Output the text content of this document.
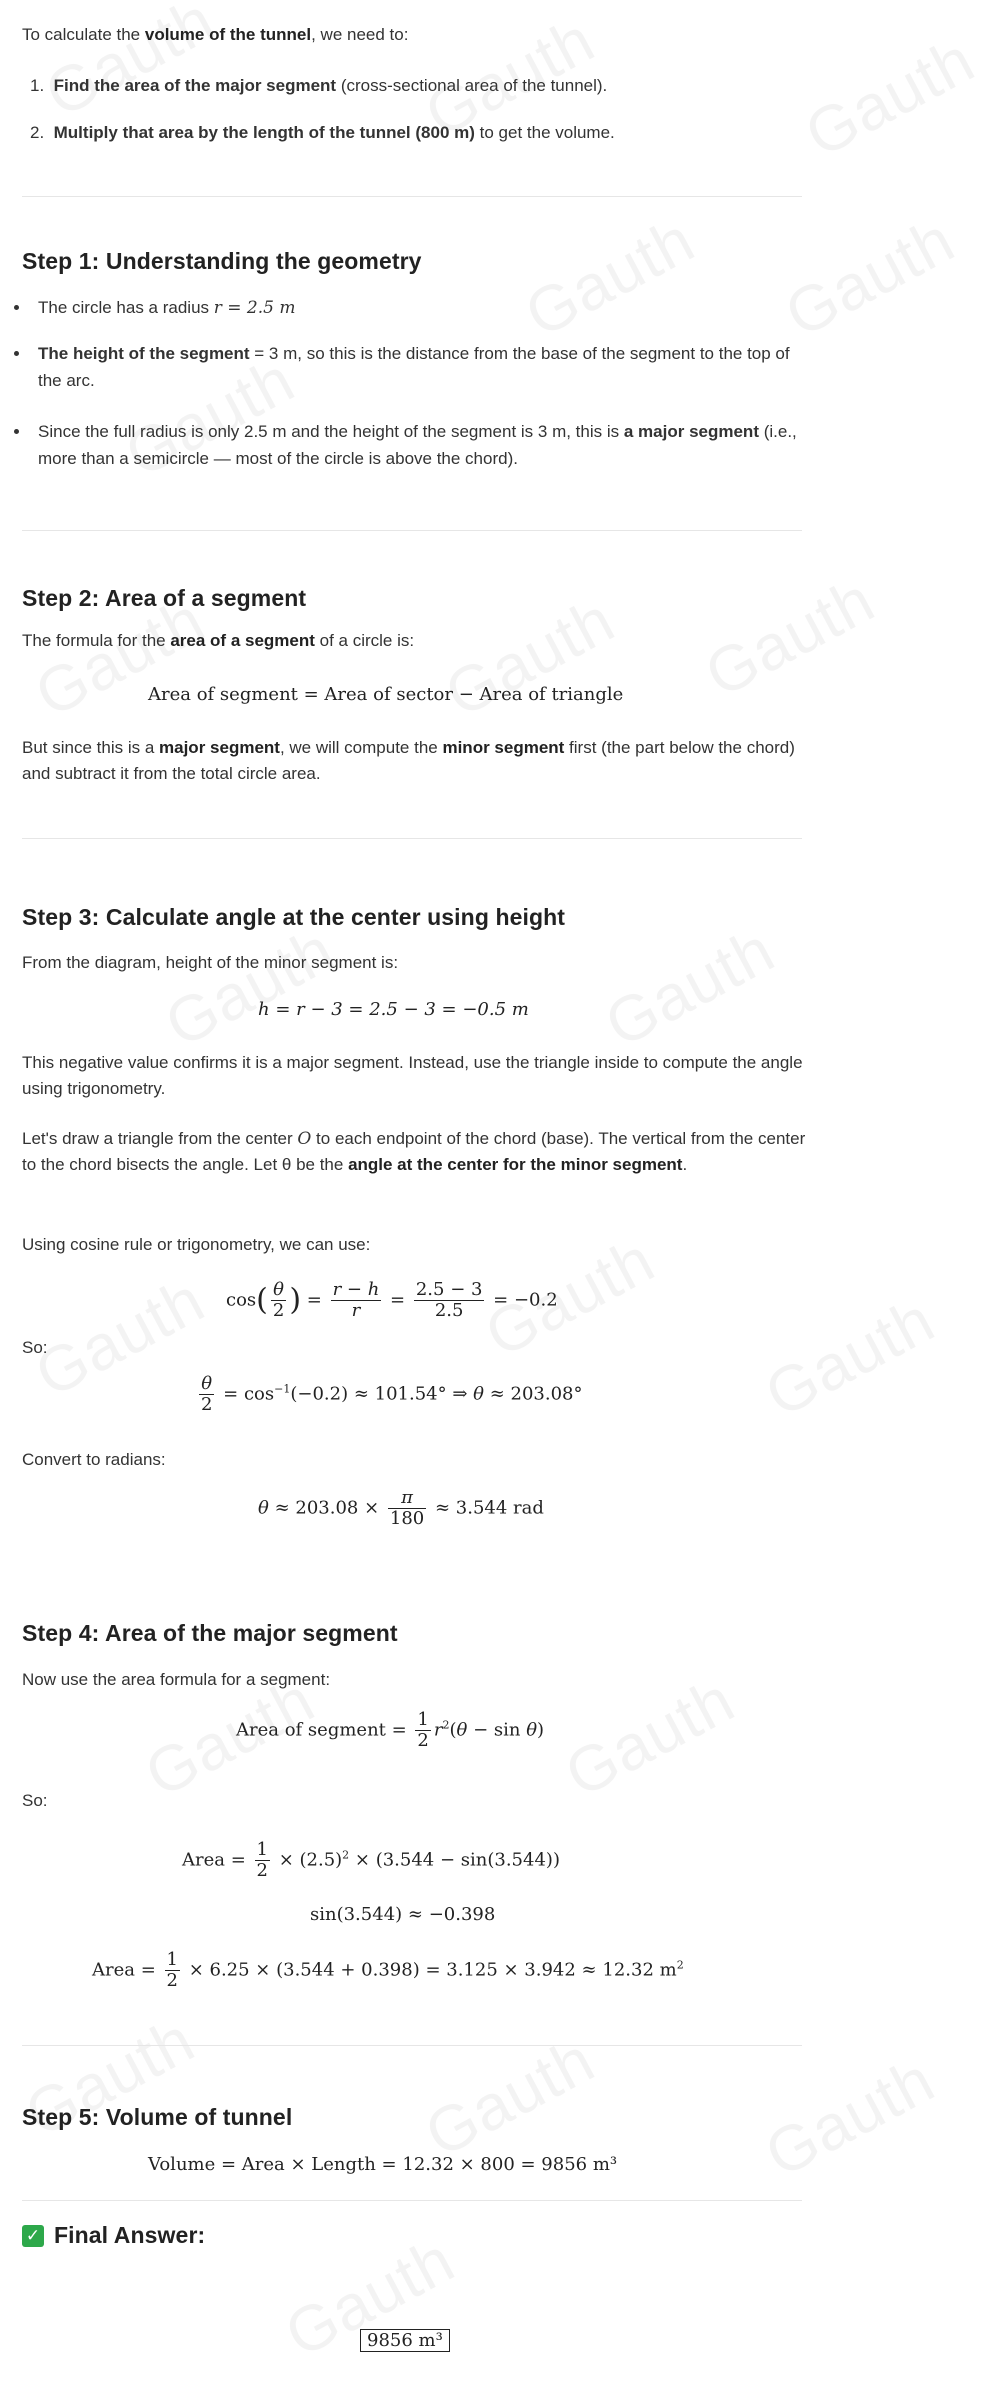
To calculate the volume of the tunnel, we need to:
1. Find the area of the major segment (cross-sectional area of the tunnel).
2. Multiply that area by the length of the tunnel (800 m) to get the volume.
Step 1: Understanding the geometry
The circle has a radius r = 2.5 m
The height of the segment = 3 m, so this is the distance from the base of the segment to the top of the arc.
Since the full radius is only 2.5 m and the height of the segment is 3 m, this is a major segment (i.e., more than a semicircle — most of the circle is above the chord).
Step 2: Area of a segment
The formula for the area of a segment of a circle is:
Area of segment = Area of sector − Area of triangle
But since this is a major segment, we will compute the minor segment first (the part below the chord) and subtract it from the total circle area.
Step 3: Calculate angle at the center using height
From the diagram, height of the minor segment is:
h = r − 3 = 2.5 − 3 = −0.5 m
This negative value confirms it is a major segment. Instead, use the triangle inside to compute the angle using trigonometry.
Let's draw a triangle from the center O to each endpoint of the chord (base). The vertical from the center to the chord bisects the angle. Let θ be the angle at the center for the minor segment.
Using cosine rule or trigonometry, we can use:
$\cos( \frac{\theta}{2}$ ) = $\frac{r - h}{r} = \frac{2.5 - 3}{2.5} = -0.2$
So:
$\frac{\theta}{2} = \cos^{-1}(-0.2) \approx 101.54^\circ$ ⇒ θ ≈ 203.08°
Convert to radians:
$\theta \approx 203.08 \times \frac{\pi}{180} \approx 3.544$ rad
Step 4: Area of the major segment
Now use the area formula for a segment:
Area of segment = $\frac{1}{2} r^2(\theta - \sin \theta)$
So:
Area = $\frac{1}{2} \times (2.5)^2 \times (3.544 - \sin(3.544))$
sin(3.544) ≈ −0.398
Area = $\frac{1}{2} \times 6.25 \times (3.544 + 0.398) = 3.125 \times 3.942 \approx 12.32$ $m^2$
Step 5: Volume of tunnel
Volume = Area × Length = 12.32 × 800 = 9856 m³
✓ Final Answer:
9856 m³
